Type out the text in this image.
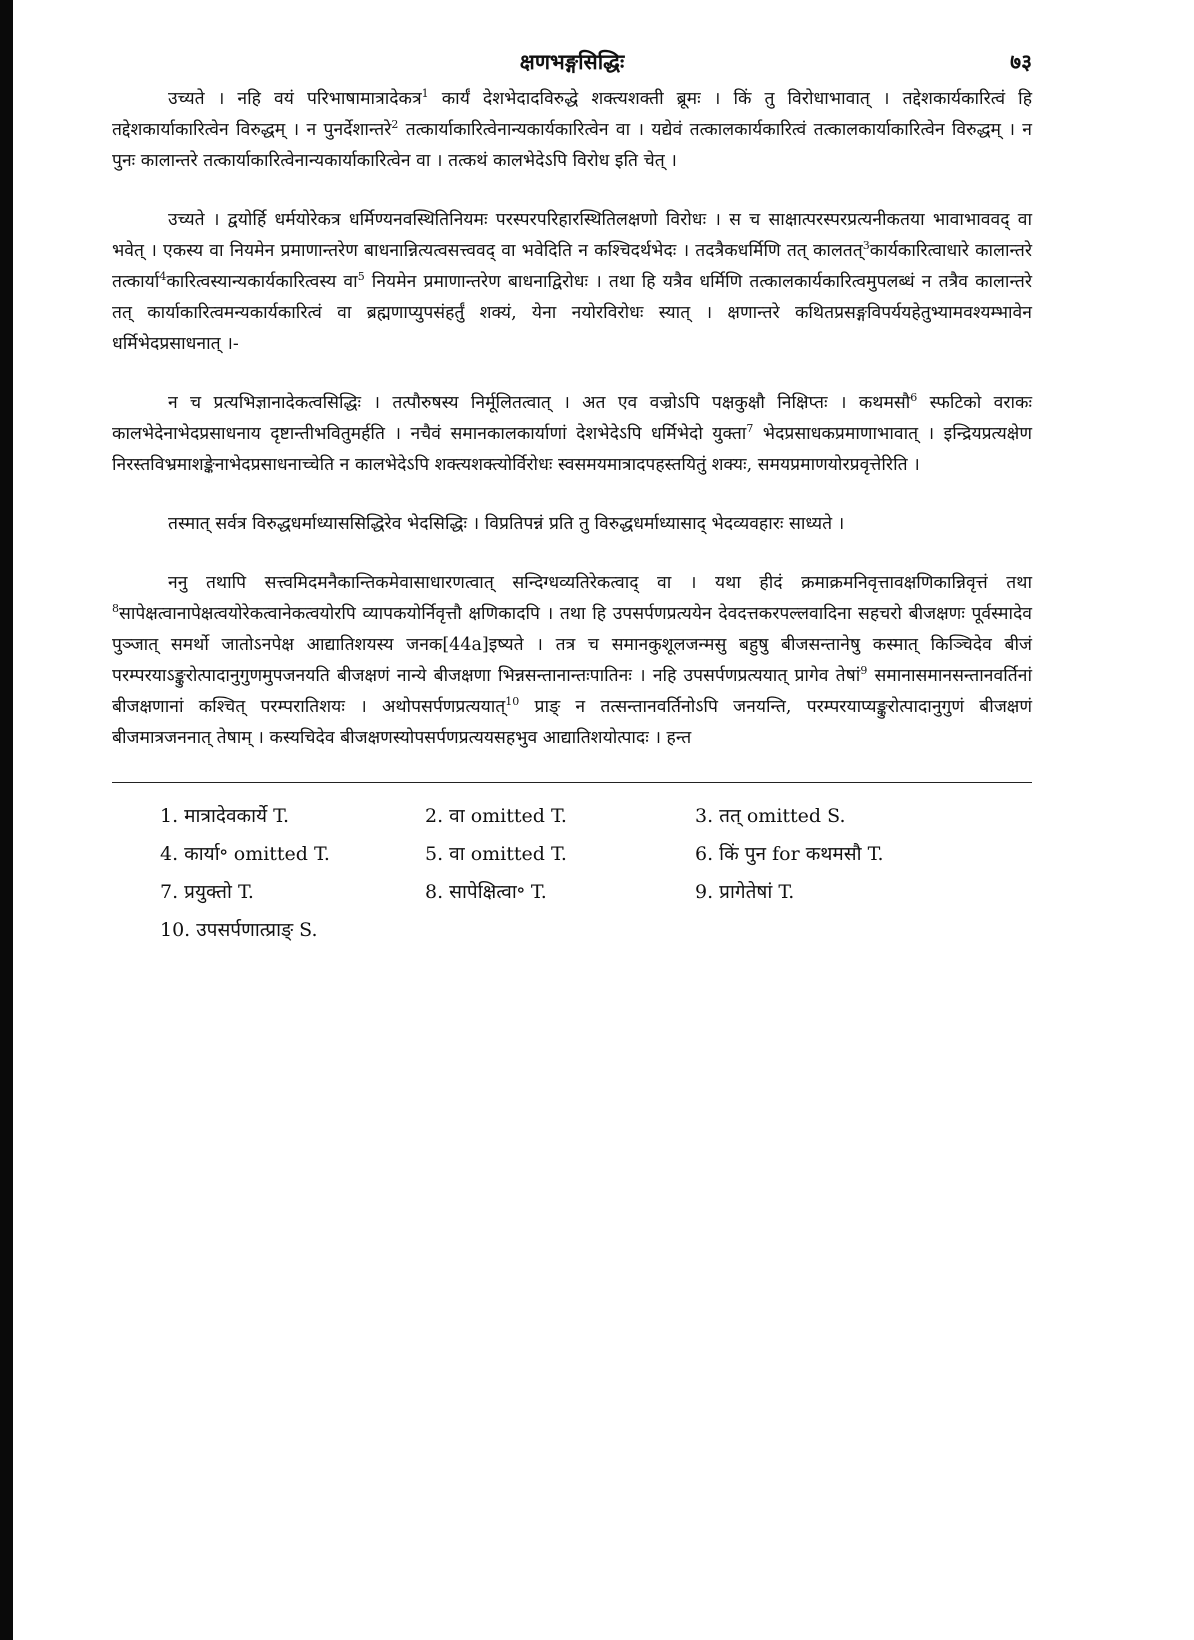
क्षणभङ्गसिद्धिः	७३

उच्यते । नहि वयं परिभाषामात्रादेकत्र$^1$ कार्यं देशभेदादविरुद्धे शक्त्यशक्ती ब्रूमः । किं तु विरोधाभावात् । तद्देशकार्यकारित्वं हि तद्देशकार्याकारित्वेन विरुद्धम् । न पुनर्देशान्तरे$^2$ तत्कार्याकारित्वेनान्यकार्यकारित्वेन वा । यद्येवं तत्कालकार्यकारित्वं तत्कालकार्याकारित्वेन विरुद्धम् । न पुनः कालान्तरे तत्कार्याकारित्वेनान्यकार्याकारित्वेन वा । तत्कथं कालभेदेऽपि विरोध इति चेत् ।

उच्यते । द्वयोर्हि धर्मयोरेकत्र धर्मिण्यनवस्थितिनियमः परस्परपरिहारस्थितिलक्षणो विरोधः । स च साक्षात्परस्परप्रत्यनीकतया भावाभाववद् वा भवेत् । एकस्य वा नियमेन प्रमाणान्तरेण बाधनान्नित्यत्वसत्त्ववद् वा भवेदिति न कश्चिदर्थभेदः । तदत्रैकधर्मिणि तत् कालतत्$^3$कार्यकारित्वाधारे कालान्तरे तत्कार्या$^4$कारित्वस्यान्यकार्यकारित्वस्य वा$^5$ नियमेन प्रमाणान्तरेण बाधनाद्विरोधः । तथा हि यत्रैव धर्मिणि तत्कालकार्यकारित्वमुपलब्धं न तत्रैव कालान्तरे तत् कार्याकारित्वमन्यकार्यकारित्वं वा ब्रह्मणाप्युपसंहर्तुं शक्यं, येना नयोरविरोधः स्यात् । क्षणान्तरे कथितप्रसङ्गविपर्ययहेतुभ्यामवश्यम्भावेन धर्मिभेदप्रसाधनात् ।-

न च प्रत्यभिज्ञानादेकत्वसिद्धिः । तत्पौरुषस्य निर्मूलितत्वात् । अत एव वज्रोऽपि पक्षकुक्षौ निक्षिप्तः । कथमसौ$^6$ स्फटिको वराकः कालभेदेनाभेदप्रसाधनाय दृष्टान्तीभवितुमर्हति । नचैवं समानकालकार्याणां देशभेदेऽपि धर्मिभेदो युक्ता$^7$ भेदप्रसाधकप्रमाणाभावात् । इन्द्रियप्रत्यक्षेण निरस्तविभ्रमाशङ्केनाभेदप्रसाधनाच्चेति न कालभेदेऽपि शक्त्यशक्त्योर्विरोधः स्वसमयमात्रादपहस्तयितुं शक्यः, समयप्रमाणयोरप्रवृत्तेरिति ।

तस्मात् सर्वत्र विरुद्धधर्माध्याससिद्धिरेव भेदसिद्धिः । विप्रतिपन्नं प्रति तु विरुद्धधर्माध्यासाद् भेदव्यवहारः साध्यते ।

ननु तथापि सत्त्वमिदमनैकान्तिकमेवासाधारणत्वात् सन्दिग्धव्यतिरेकत्वाद् वा । यथा हीदं क्रमाक्रमनिवृत्तावक्षणिकान्निवृत्तं तथा $^8$सापेक्षत्वानापेक्षत्वयोरेकत्वानेकत्वयोरपि व्यापकयोर्निवृत्तौ क्षणिकादपि । तथा हि उपसर्पणप्रत्ययेन देवदत्तकरपल्लवादिना सहचरो बीजक्षणः पूर्वस्मादेव पुञ्जात् समर्थो जातोऽनपेक्ष आद्यातिशयस्य जनक[44a]इष्यते । तत्र च समानकुशूलजन्मसु बहुषु बीजसन्तानेषु कस्मात् किञ्चिदेव बीजं परम्परयाऽङ्कुरोत्पादानुगुणमुपजनयति बीजक्षणं नान्ये बीजक्षणा भिन्नसन्तानान्तःपातिनः । नहि उपसर्पणप्रत्ययात् प्रागेव तेषां$^9$ समानासमानसन्तानवर्तिनां बीजक्षणानां कश्चित् परम्परातिशयः । अथोपसर्पणप्रत्ययात्$^{10}$ प्राङ् न तत्सन्तानवर्तिनोऽपि जनयन्ति, परम्परयाप्यङ्कुरोत्पादानुगुणं बीजक्षणं बीजमात्रजननात् तेषाम् । कस्यचिदेव बीजक्षणस्योपसर्पणप्रत्ययसहभुव आद्यातिशयोत्पादः । हन्त

1. मात्रादेवकार्ये T.	2. वा omitted T.	3. तत् omitted S.
4. कार्या॰ omitted T.	5. वा omitted T.	6. किं पुन for कथमसौ T.
7. प्रयुक्तो T.	8. सापेक्षित्वा॰ T.	9. प्रागेतेषां T.
10. उपसर्पणात्प्राङ् S.
